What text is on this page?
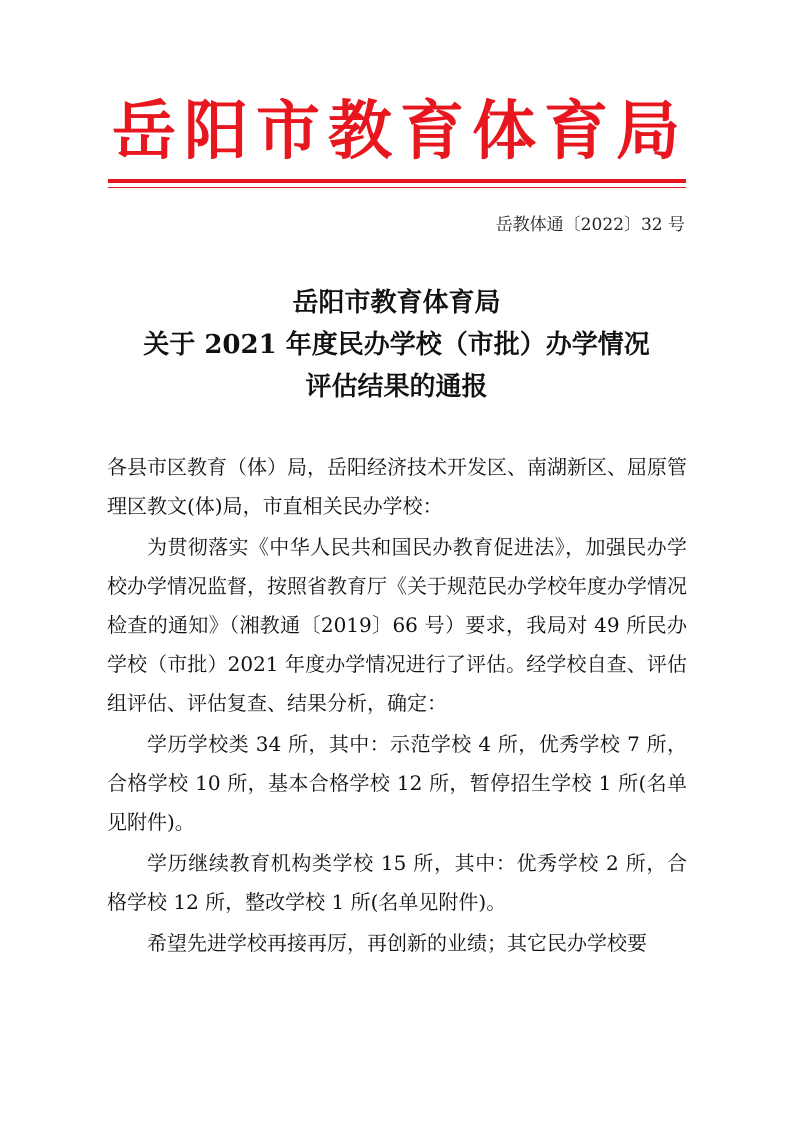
岳阳市教育体育局
岳教体通〔2022〕32 号
岳阳市教育体育局
关于 2021 年度民办学校（市批）办学情况
评估结果的通报

各县市区教育（体）局，岳阳经济技术开发区、南湖新区、屈原管理区教文(体)局，市直相关民办学校：

为贯彻落实《中华人民共和国民办教育促进法》，加强民办学校办学情况监督，按照省教育厅《关于规范民办学校年度办学情况检查的通知》（湘教通〔2019〕66 号）要求，我局对 49 所民办学校（市批）2021 年度办学情况进行了评估。经学校自查、评估组评估、评估复查、结果分析，确定：

学历学校类 34 所，其中：示范学校 4 所，优秀学校 7 所，合格学校 10 所，基本合格学校 12 所，暂停招生学校 1 所(名单见附件)。

学历继续教育机构类学校 15 所，其中：优秀学校 2 所，合格学校 12 所，整改学校 1 所(名单见附件)。

希望先进学校再接再厉，再创新的业绩；其它民办学校要
